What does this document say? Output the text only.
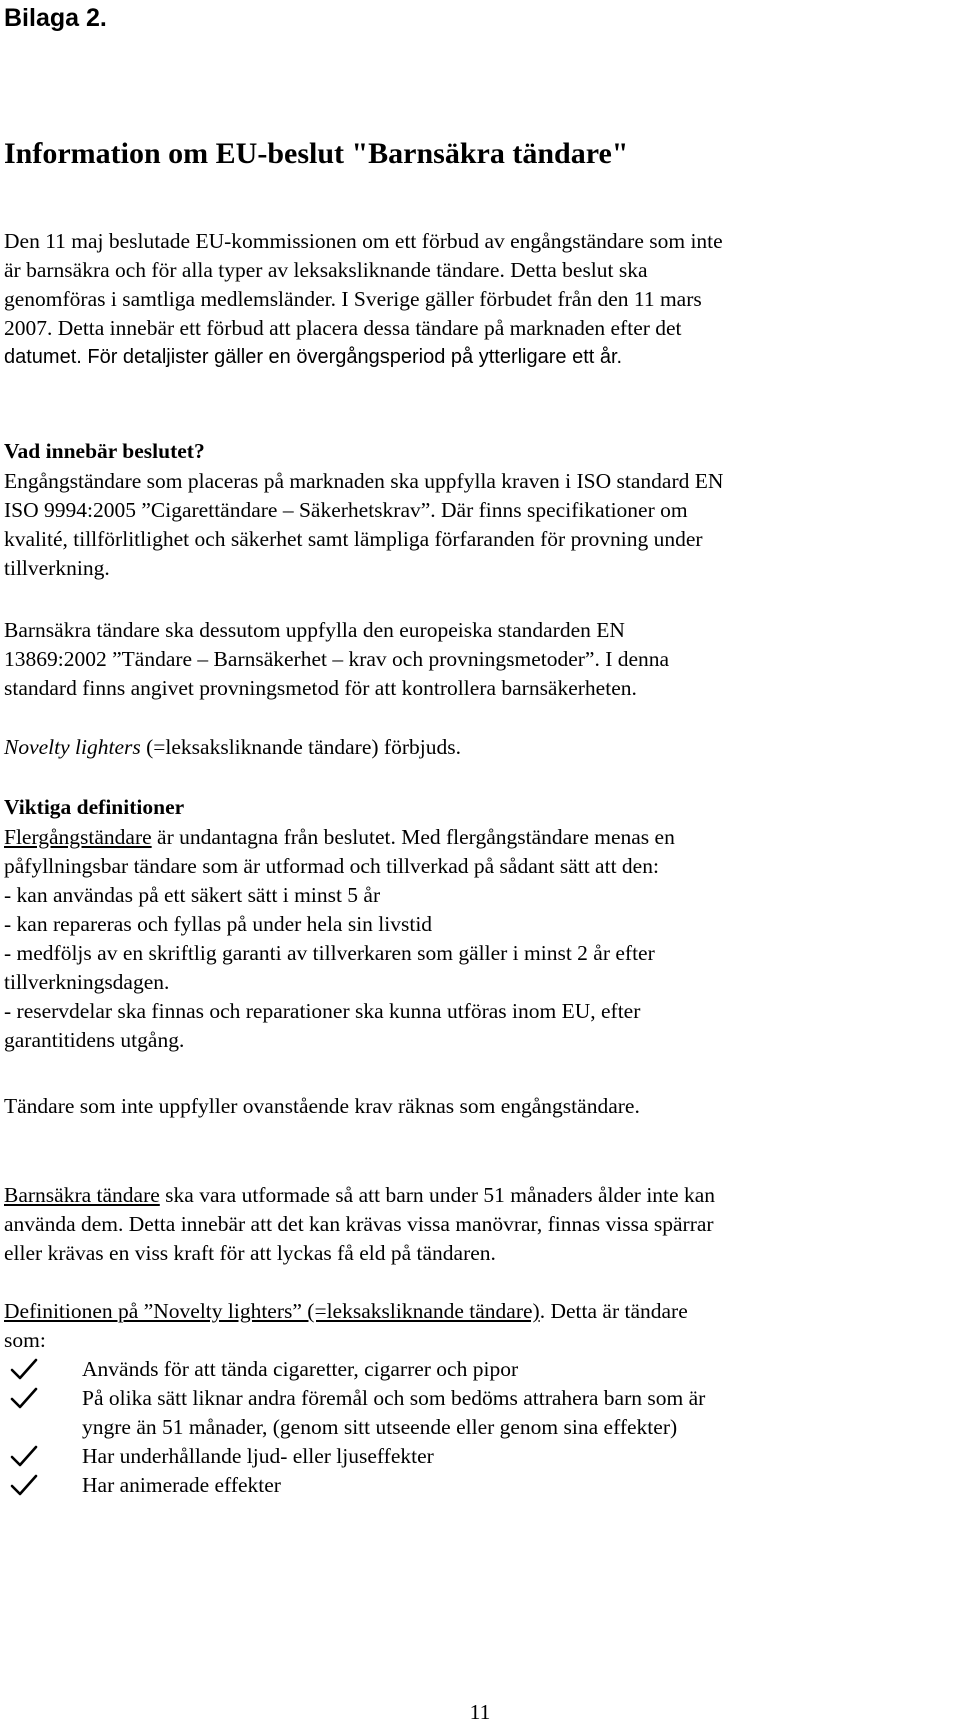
Bilaga 2.

Information om EU-beslut "Barnsäkra tändare"

Den 11 maj beslutade EU-kommissionen om ett förbud av engångständare som inte
är barnsäkra och för alla typer av leksaksliknande tändare. Detta beslut ska
genomföras i samtliga medlemsländer. I Sverige gäller förbudet från den 11 mars
2007. Detta innebär ett förbud att placera dessa tändare på marknaden efter det
datumet. För detaljister gäller en övergångsperiod på ytterligare ett år.

Vad innebär beslutet?

Engångständare som placeras på marknaden ska uppfylla kraven i ISO standard EN
ISO 9994:2005 ”Cigarettändare – Säkerhetskrav”. Där finns specifikationer om
kvalité, tillförlitlighet och säkerhet samt lämpliga förfaranden för provning under
tillverkning.

Barnsäkra tändare ska dessutom uppfylla den europeiska standarden EN
13869:2002 ”Tändare – Barnsäkerhet – krav och provningsmetoder”. I denna
standard finns angivet provningsmetod för att kontrollera barnsäkerheten.

Novelty lighters (=leksaksliknande tändare) förbjuds.

Viktiga definitioner

Flergångständare är undantagna från beslutet. Med flergångständare menas en
påfyllningsbar tändare som är utformad och tillverkad på sådant sätt att den:
- kan användas på ett säkert sätt i minst 5 år
- kan repareras och fyllas på under hela sin livstid
- medföljs av en skriftlig garanti av tillverkaren som gäller i minst 2 år efter
tillverkningsdagen.
- reservdelar ska finnas och reparationer ska kunna utföras inom EU, efter
garantitidens utgång.

Tändare som inte uppfyller ovanstående krav räknas som engångständare.

Barnsäkra tändare ska vara utformade så att barn under 51 månaders ålder inte kan
använda dem. Detta innebär att det kan krävas vissa manövrar, finnas vissa spärrar
eller krävas en viss kraft för att lyckas få eld på tändaren.

Definitionen på ”Novelty lighters” (=leksaksliknande tändare). Detta är tändare
som:

Används för att tända cigaretter, cigarrer och pipor
På olika sätt liknar andra föremål och som bedöms attrahera barn som är
yngre än 51 månader, (genom sitt utseende eller genom sina effekter)
Har underhållande ljud- eller ljuseffekter
Har animerade effekter
11
